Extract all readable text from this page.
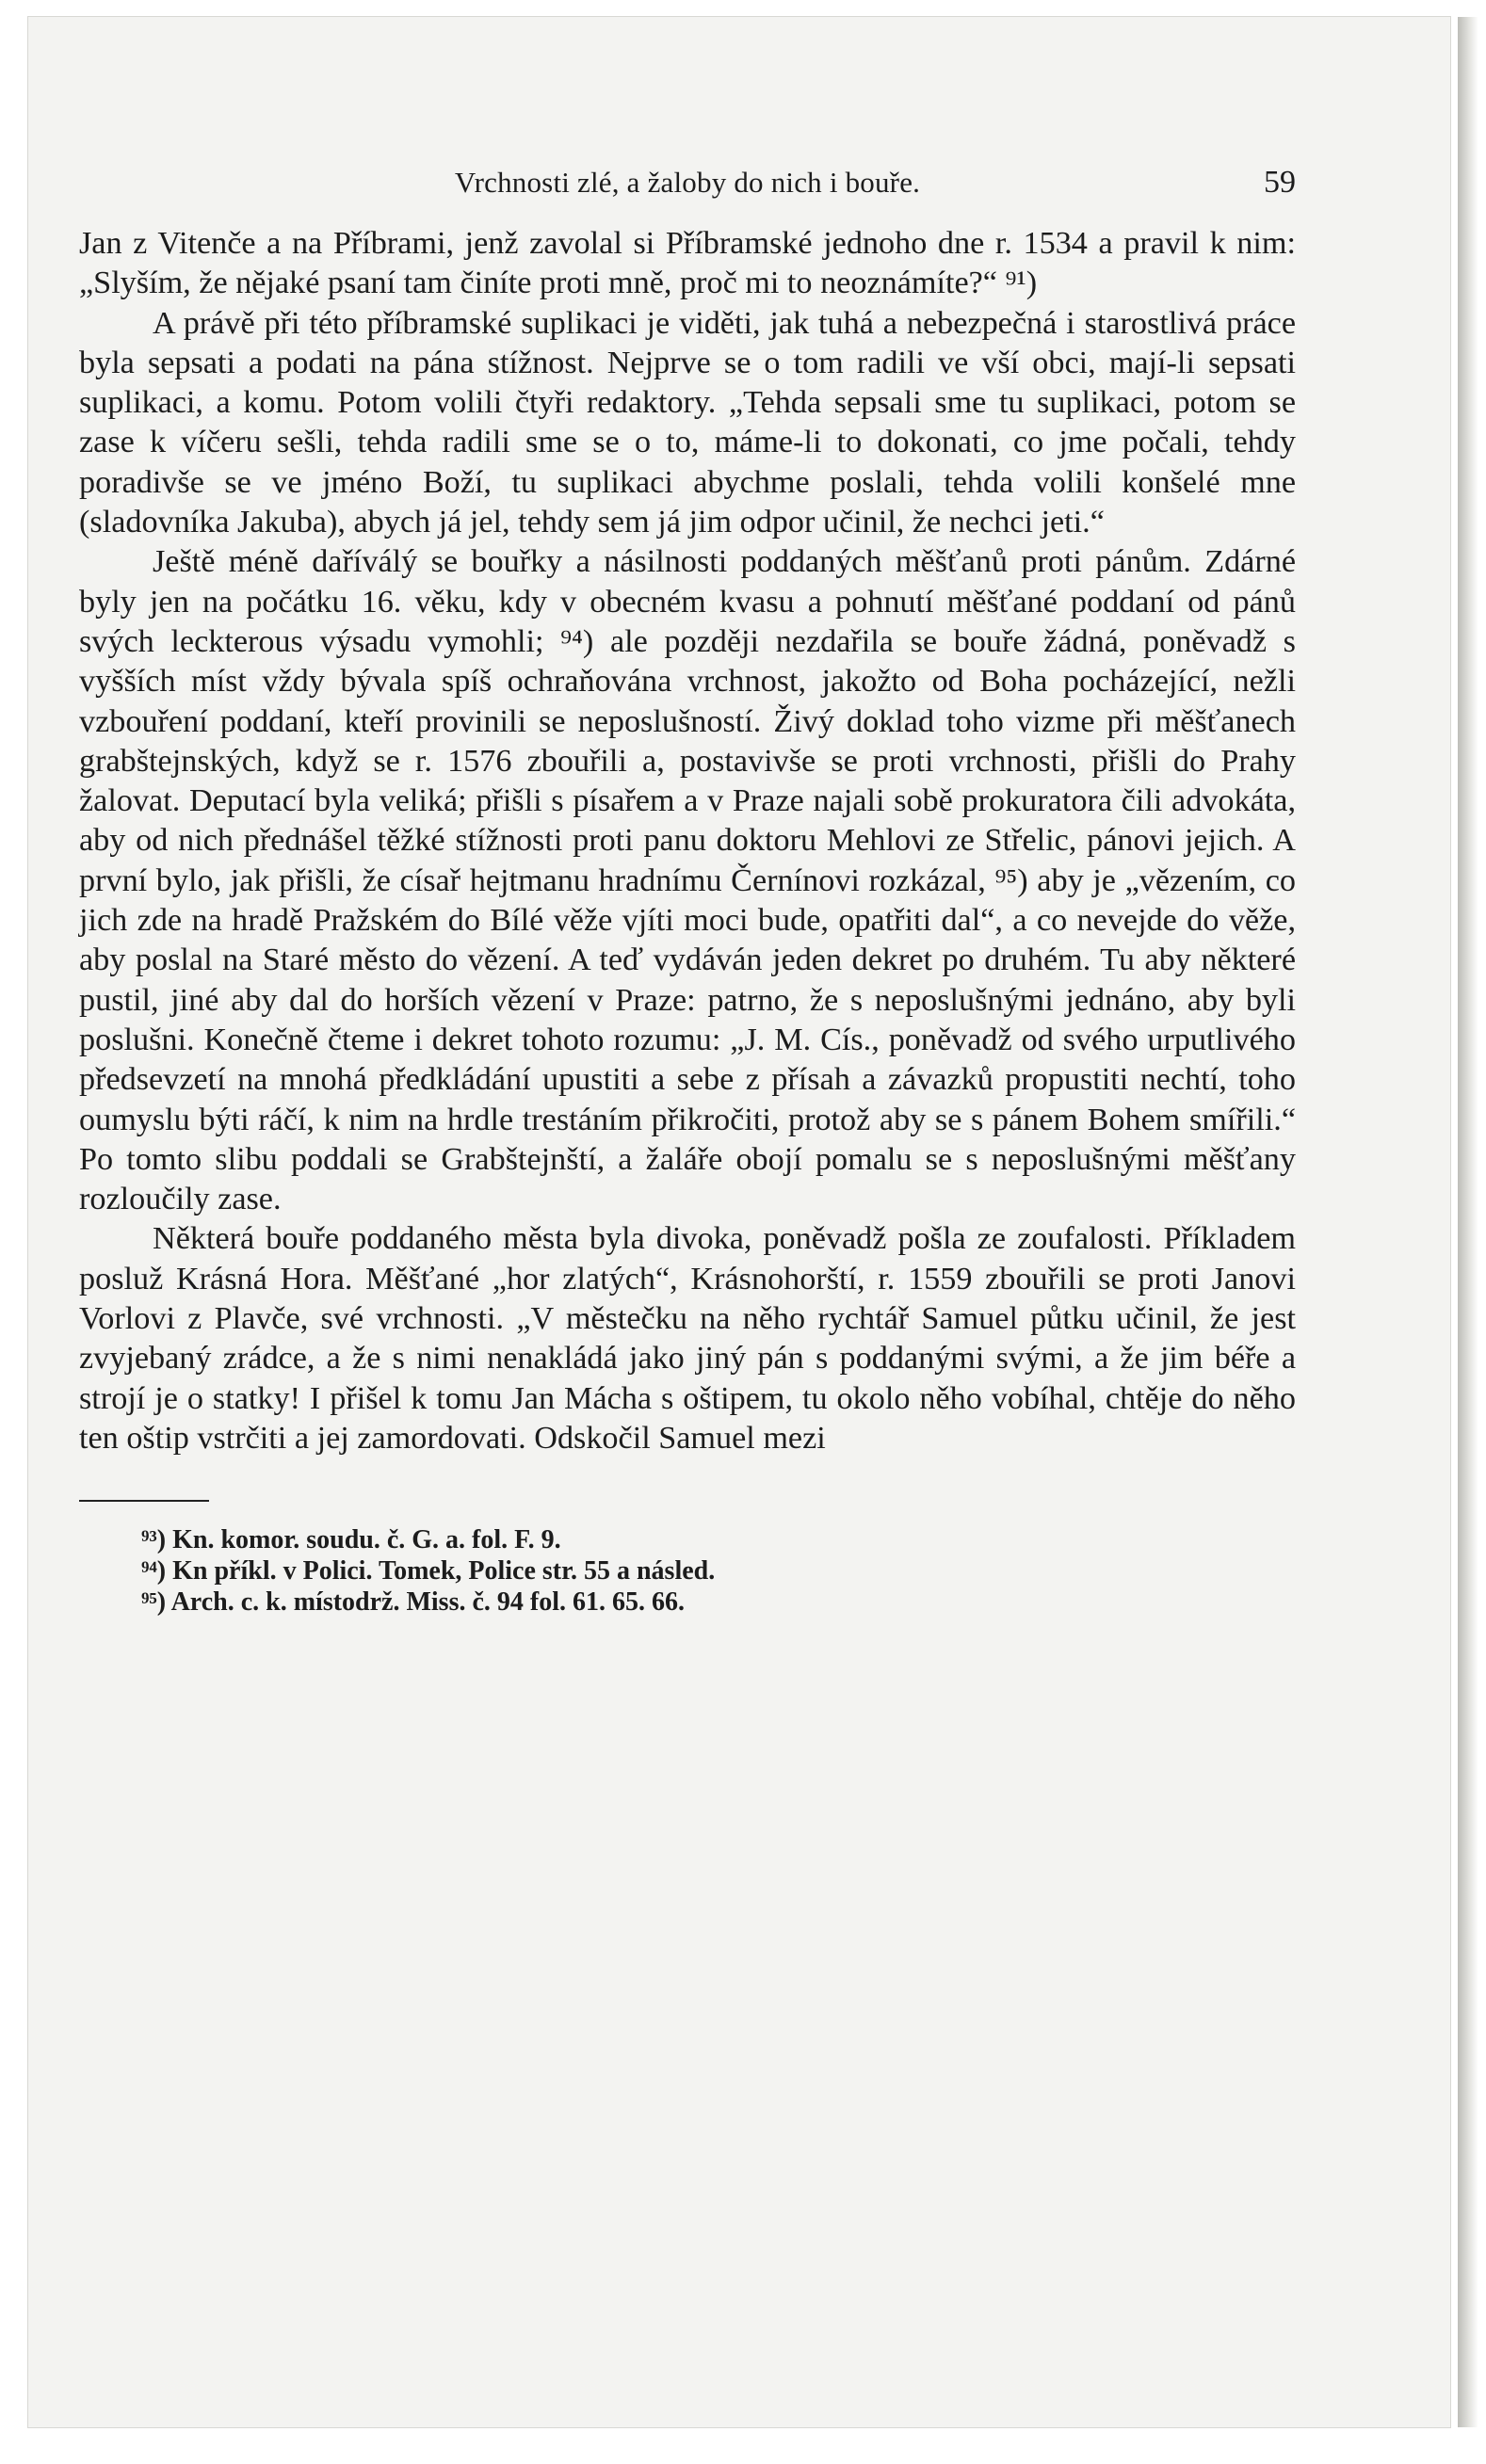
Vrchnosti zlé, a žaloby do nich i bouře.	59

Jan z Vitenče a na Příbrami, jenž zavolal si Příbramské jednoho dne r. 1534 a pravil k nim: „Slyším, že nějaké psaní tam činíte proti mně, proč mi to neoznámíte?“ ⁹¹)

A právě při této příbramské suplikaci je viděti, jak tuhá a nebezpečná i starostlivá práce byla sepsati a podati na pána stížnost. Nejprve se o tom radili ve vší obci, mají-li sepsati suplikaci, a komu. Potom volili čtyři redaktory. „Tehda sepsali sme tu suplikaci, potom se zase k víčeru sešli, tehda radili sme se o to, máme-li to dokonati, co jme počali, tehdy poradivše se ve jméno Boží, tu suplikaci abychme poslali, tehda volili konšelé mne (sladovníka Jakuba), abych já jel, tehdy sem já jim odpor učinil, že nechci jeti.“

Ještě méně daříválý se bouřky a násilnosti poddaných měšťanů proti pánům. Zdárné byly jen na počátku 16. věku, kdy v obecném kvasu a pohnutí měšťané poddaní od pánů svých leckterous výsadu vymohli; ⁹⁴) ale později nezdařila se bouře žádná, poněvadž s vyšších míst vždy bývala spíš ochraňována vrchnost, jakožto od Boha pocházející, nežli vzbouření poddaní, kteří provinili se neposlušností. Živý doklad toho vizme při měšťanech grabštejnských, když se r. 1576 zbouřili a, postavivše se proti vrchnosti, přišli do Prahy žalovat. Deputací byla veliká; přišli s písařem a v Praze najali sobě prokuratora čili advokáta, aby od nich přednášel těžké stížnosti proti panu doktoru Mehlovi ze Střelic, pánovi jejich. A první bylo, jak přišli, že císař hejtmanu hradnímu Černínovi rozkázal, ⁹⁵) aby je „vězením, co jich zde na hradě Pražském do Bílé věže vjíti moci bude, opatřiti dal“, a co nevejde do věže, aby poslal na Staré město do vězení. A teď vydáván jeden dekret po druhém. Tu aby některé pustil, jiné aby dal do horších vězení v Praze: patrno, že s neposlušnými jednáno, aby byli poslušni. Konečně čteme i dekret tohoto rozumu: „J. M. Cís., poněvadž od svého urputlivého předsevzetí na mnohá předkládání upustiti a sebe z přísah a závazků propustiti nechtí, toho oumyslu býti ráčí, k nim na hrdle trestáním přikročiti, protož aby se s pánem Bohem smířili.“ Po tomto slibu poddali se Grabštejnští, a žaláře obojí pomalu se s neposlušnými měšťany rozloučily zase.

Některá bouře poddaného města byla divoka, poněvadž pošla ze zoufalosti. Příkladem posluž Krásná Hora. Měšťané „hor zlatých“, Krásnohorští, r. 1559 zbouřili se proti Janovi Vorlovi z Plavče, své vrchnosti. „V městečku na něho rychtář Samuel půtku učinil, že jest zvyjebaný zrádce, a že s nimi nenakládá jako jiný pán s poddanými svými, a že jim béře a strojí je o statky! I přišel k tomu Jan Mácha s oštipem, tu okolo něho vobíhal, chtěje do něho ten oštip vstrčiti a jej zamordovati. Odskočil Samuel mezi

⁹³) Kn. komor. soudu. č. G. a. fol. F. 9.

⁹⁴) Kn příkl. v Polici. Tomek, Police str. 55 a násled.

⁹⁵) Arch. c. k. místodrž. Miss. č. 94 fol. 61. 65. 66.
